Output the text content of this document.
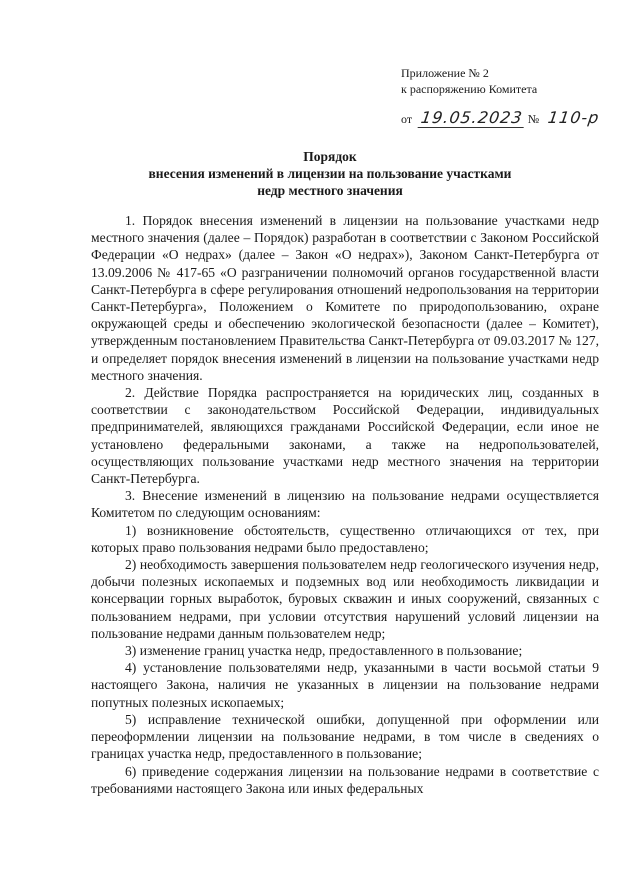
Приложение № 2
к распоряжению Комитета
от 19.05.2023 № 110-р
Порядок
внесения изменений в лицензии на пользование участками
недр местного значения

1. Порядок внесения изменений в лицензии на пользование участками недр местного значения (далее – Порядок) разработан в соответствии с Законом Российской Федерации «О недрах» (далее – Закон «О недрах»), Законом Санкт-Петербурга от 13.09.2006 № 417-65 «О разграничении полномочий органов государственной власти Санкт-Петербурга в сфере регулирования отношений недропользования на территории Санкт-Петербурга», Положением о Комитете по природопользованию, охране окружающей среды и обеспечению экологической безопасности (далее – Комитет), утвержденным постановлением Правительства Санкт-Петербурга от 09.03.2017 № 127, и определяет порядок внесения изменений в лицензии на пользование участками недр местного значения.

2. Действие Порядка распространяется на юридических лиц, созданных в соответствии с законодательством Российской Федерации, индивидуальных предпринимателей, являющихся гражданами Российской Федерации, если иное не установлено федеральными законами, а также на недропользователей, осуществляющих пользование участками недр местного значения на территории Санкт-Петербурга.

3. Внесение изменений в лицензию на пользование недрами осуществляется Комитетом по следующим основаниям:

1) возникновение обстоятельств, существенно отличающихся от тех, при которых право пользования недрами было предоставлено;

2) необходимость завершения пользователем недр геологического изучения недр, добычи полезных ископаемых и подземных вод или необходимость ликвидации и консервации горных выработок, буровых скважин и иных сооружений, связанных с пользованием недрами, при условии отсутствия нарушений условий лицензии на пользование недрами данным пользователем недр;

3) изменение границ участка недр, предоставленного в пользование;

4) установление пользователями недр, указанными в части восьмой статьи 9 настоящего Закона, наличия не указанных в лицензии на пользование недрами попутных полезных ископаемых;

5) исправление технической ошибки, допущенной при оформлении или переоформлении лицензии на пользование недрами, в том числе в сведениях о границах участка недр, предоставленного в пользование;

6) приведение содержания лицензии на пользование недрами в соответствие с требованиями настоящего Закона или иных федеральных
